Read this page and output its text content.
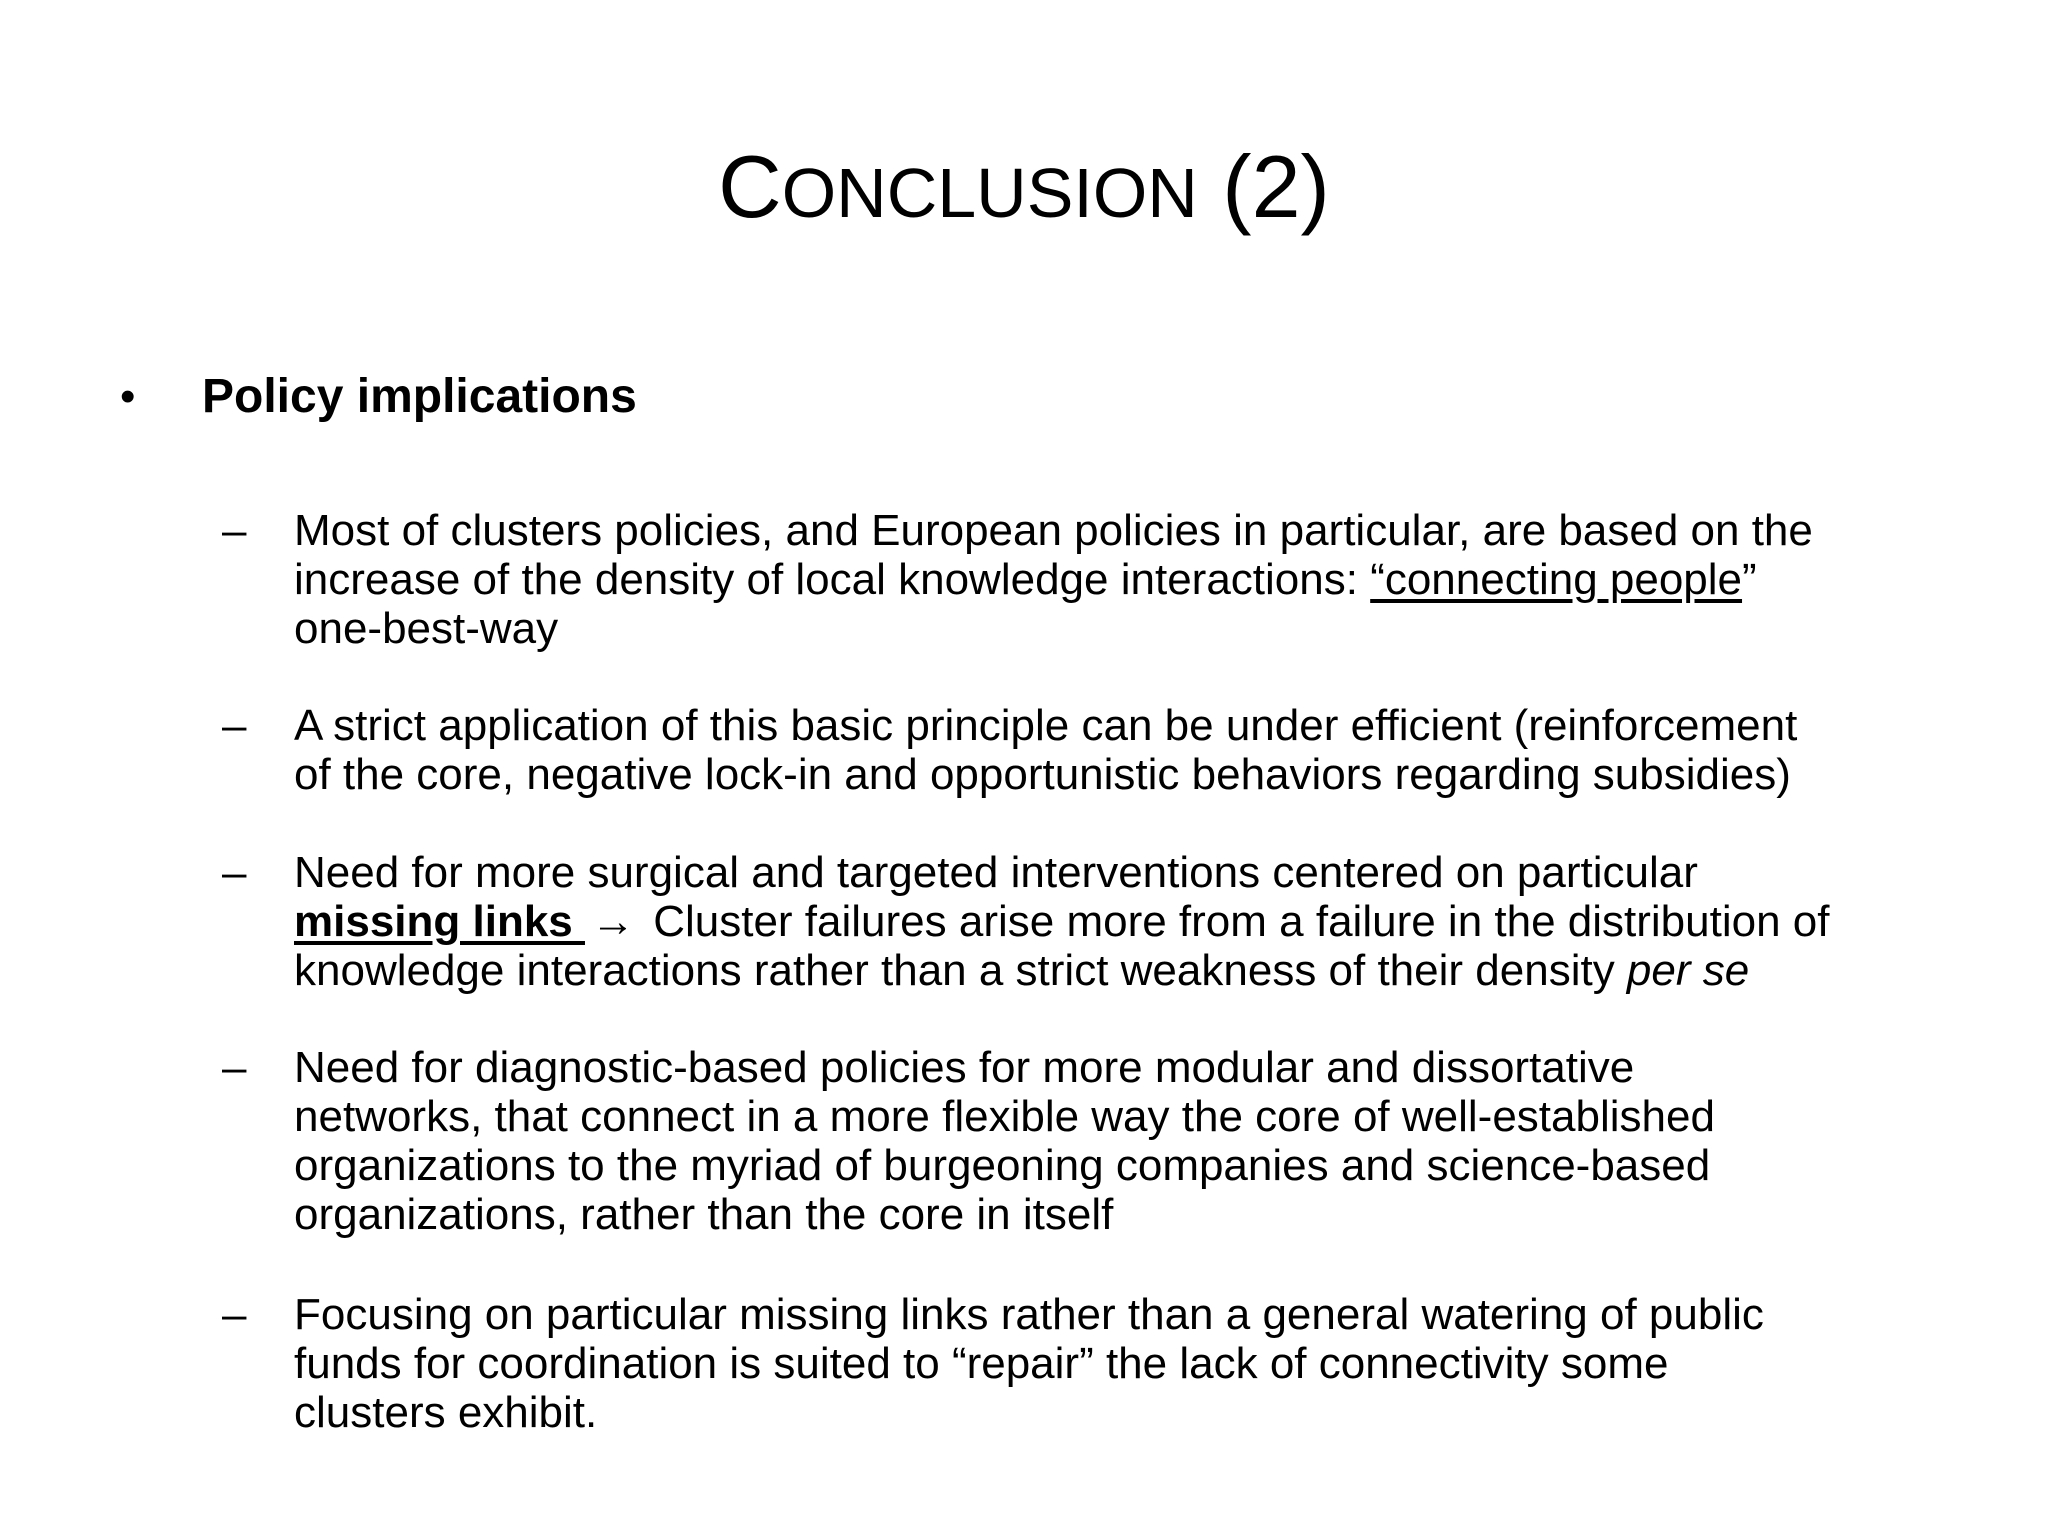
CONCLUSION (2)
•	Policy implications
–	Most of clusters policies, and European policies in particular, are based on the
increase of the density of local knowledge interactions: “connecting people”
one-best-way
–	A strict application of this basic principle can be under efficient (reinforcement
of the core, negative lock-in and opportunistic behaviors regarding subsidies)
–	Need for more surgical and targeted interventions centered on particular
missing links → Cluster failures arise more from a failure in the distribution of
knowledge interactions rather than a strict weakness of their density per se
–	Need for diagnostic-based policies for more modular and dissortative
networks, that connect in a more flexible way the core of well-established
organizations to the myriad of burgeoning companies and science-based
organizations, rather than the core in itself
–	Focusing on particular missing links rather than a general watering of public
funds for coordination is suited to “repair” the lack of connectivity some
clusters exhibit.
